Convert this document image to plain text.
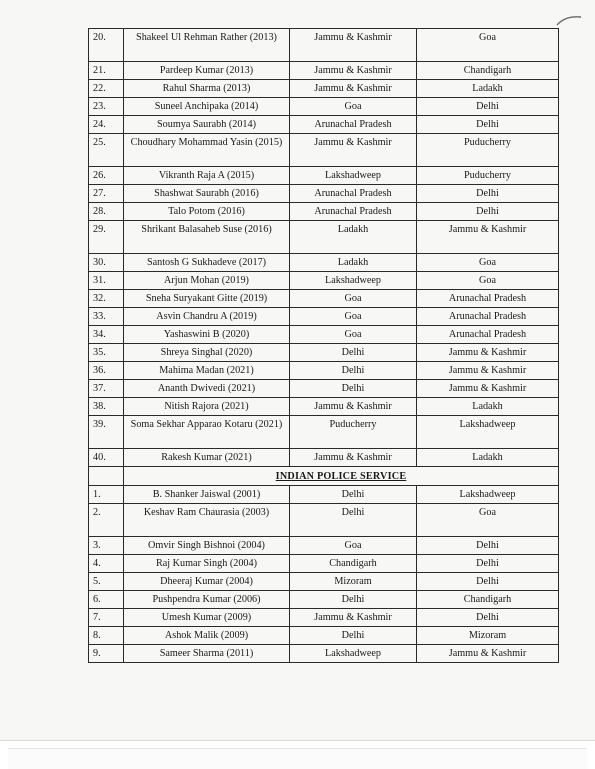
20.	Shakeel Ul Rehman Rather (2013)	Jammu & Kashmir	Goa
21.	Pardeep Kumar (2013)	Jammu & Kashmir	Chandigarh
22.	Rahul Sharma (2013)	Jammu & Kashmir	Ladakh
23.	Suneel Anchipaka (2014)	Goa	Delhi
24.	Soumya Saurabh (2014)	Arunachal Pradesh	Delhi
25.	Choudhary Mohammad Yasin (2015)	Jammu & Kashmir	Puducherry
26.	Vikranth Raja A (2015)	Lakshadweep	Puducherry
27.	Shashwat Saurabh (2016)	Arunachal Pradesh	Delhi
28.	Talo Potom (2016)	Arunachal Pradesh	Delhi
29.	Shrikant Balasaheb Suse (2016)	Ladakh	Jammu & Kashmir
30.	Santosh G Sukhadeve (2017)	Ladakh	Goa
31.	Arjun Mohan (2019)	Lakshadweep	Goa
32.	Sneha Suryakant Gitte (2019)	Goa	Arunachal Pradesh
33.	Asvin Chandru A (2019)	Goa	Arunachal Pradesh
34.	Yashaswini B (2020)	Goa	Arunachal Pradesh
35.	Shreya Singhal (2020)	Delhi	Jammu & Kashmir
36.	Mahima Madan (2021)	Delhi	Jammu & Kashmir
37.	Ananth Dwivedi (2021)	Delhi	Jammu & Kashmir
38.	Nitish Rajora (2021)	Jammu & Kashmir	Ladakh
39.	Soma Sekhar Apparao Kotaru (2021)	Puducherry	Lakshadweep
40.	Rakesh Kumar (2021)	Jammu & Kashmir	Ladakh
	INDIAN POLICE SERVICE		
1.	B. Shanker Jaiswal (2001)	Delhi	Lakshadweep
2.	Keshav Ram Chaurasia (2003)	Delhi	Goa
3.	Omvir Singh Bishnoi (2004)	Goa	Delhi
4.	Raj Kumar Singh (2004)	Chandigarh	Delhi
5.	Dheeraj Kumar (2004)	Mizoram	Delhi
6.	Pushpendra Kumar (2006)	Delhi	Chandigarh
7.	Umesh Kumar (2009)	Jammu & Kashmir	Delhi
8.	Ashok Malik (2009)	Delhi	Mizoram
9.	Sameer Sharma (2011)	Lakshadweep	Jammu & Kashmir
